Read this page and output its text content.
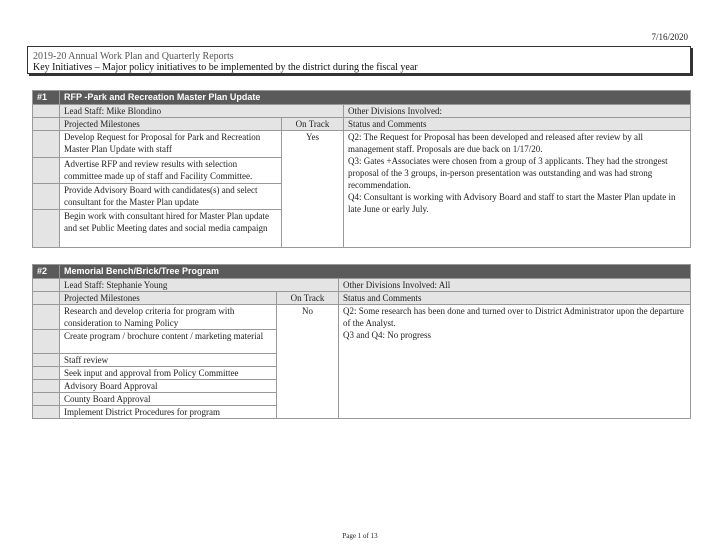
7/16/2020
2019-20 Annual Work Plan and Quarterly Reports
Key Initiatives – Major policy initiatives to be implemented by the district during the fiscal year
#1	RFP -Park and Recreation Master Plan Update		
	Lead Staff: Mike Blondino		Other Divisions Involved:
	Projected Milestones	On Track	Status and Comments
	Develop Request for Proposal for Park and Recreation Master Plan Update with staff	Yes	Q2: The Request for Proposal has been developed and released after review by all management staff. Proposals are due back on 1/17/20.
Q3: Gates +Associates were chosen from a group of 3 applicants. They had the strongest proposal of the 3 groups, in-person presentation was outstanding and was had strong recommendation.
Q4: Consultant is working with Advisory Board and staff to start the Master Plan update in late June or early July.

	Advertise RFP and review results with selection committee made up of staff and Facility Committee.		
	Provide Advisory Board with candidates(s) and select consultant for the Master Plan update		
	Begin work with consultant hired for Master Plan update and set Public Meeting dates and social media campaign		
#2	Memorial Bench/Brick/Tree Program		
	Lead Staff: Stephanie Young		Other Divisions Involved: All
	Projected Milestones	On Track	Status and Comments
	Research and develop criteria for program with consideration to Naming Policy	No	Q2: Some research has been done and turned over to District Administrator upon the departure of the Analyst.
Q3 and Q4: No progress

	Create program / brochure content / marketing material		
	Staff review		
	Seek input and approval from Policy Committee		
	Advisory Board Approval		
	County Board Approval		
	Implement District Procedures for program		
Page 1 of 13
